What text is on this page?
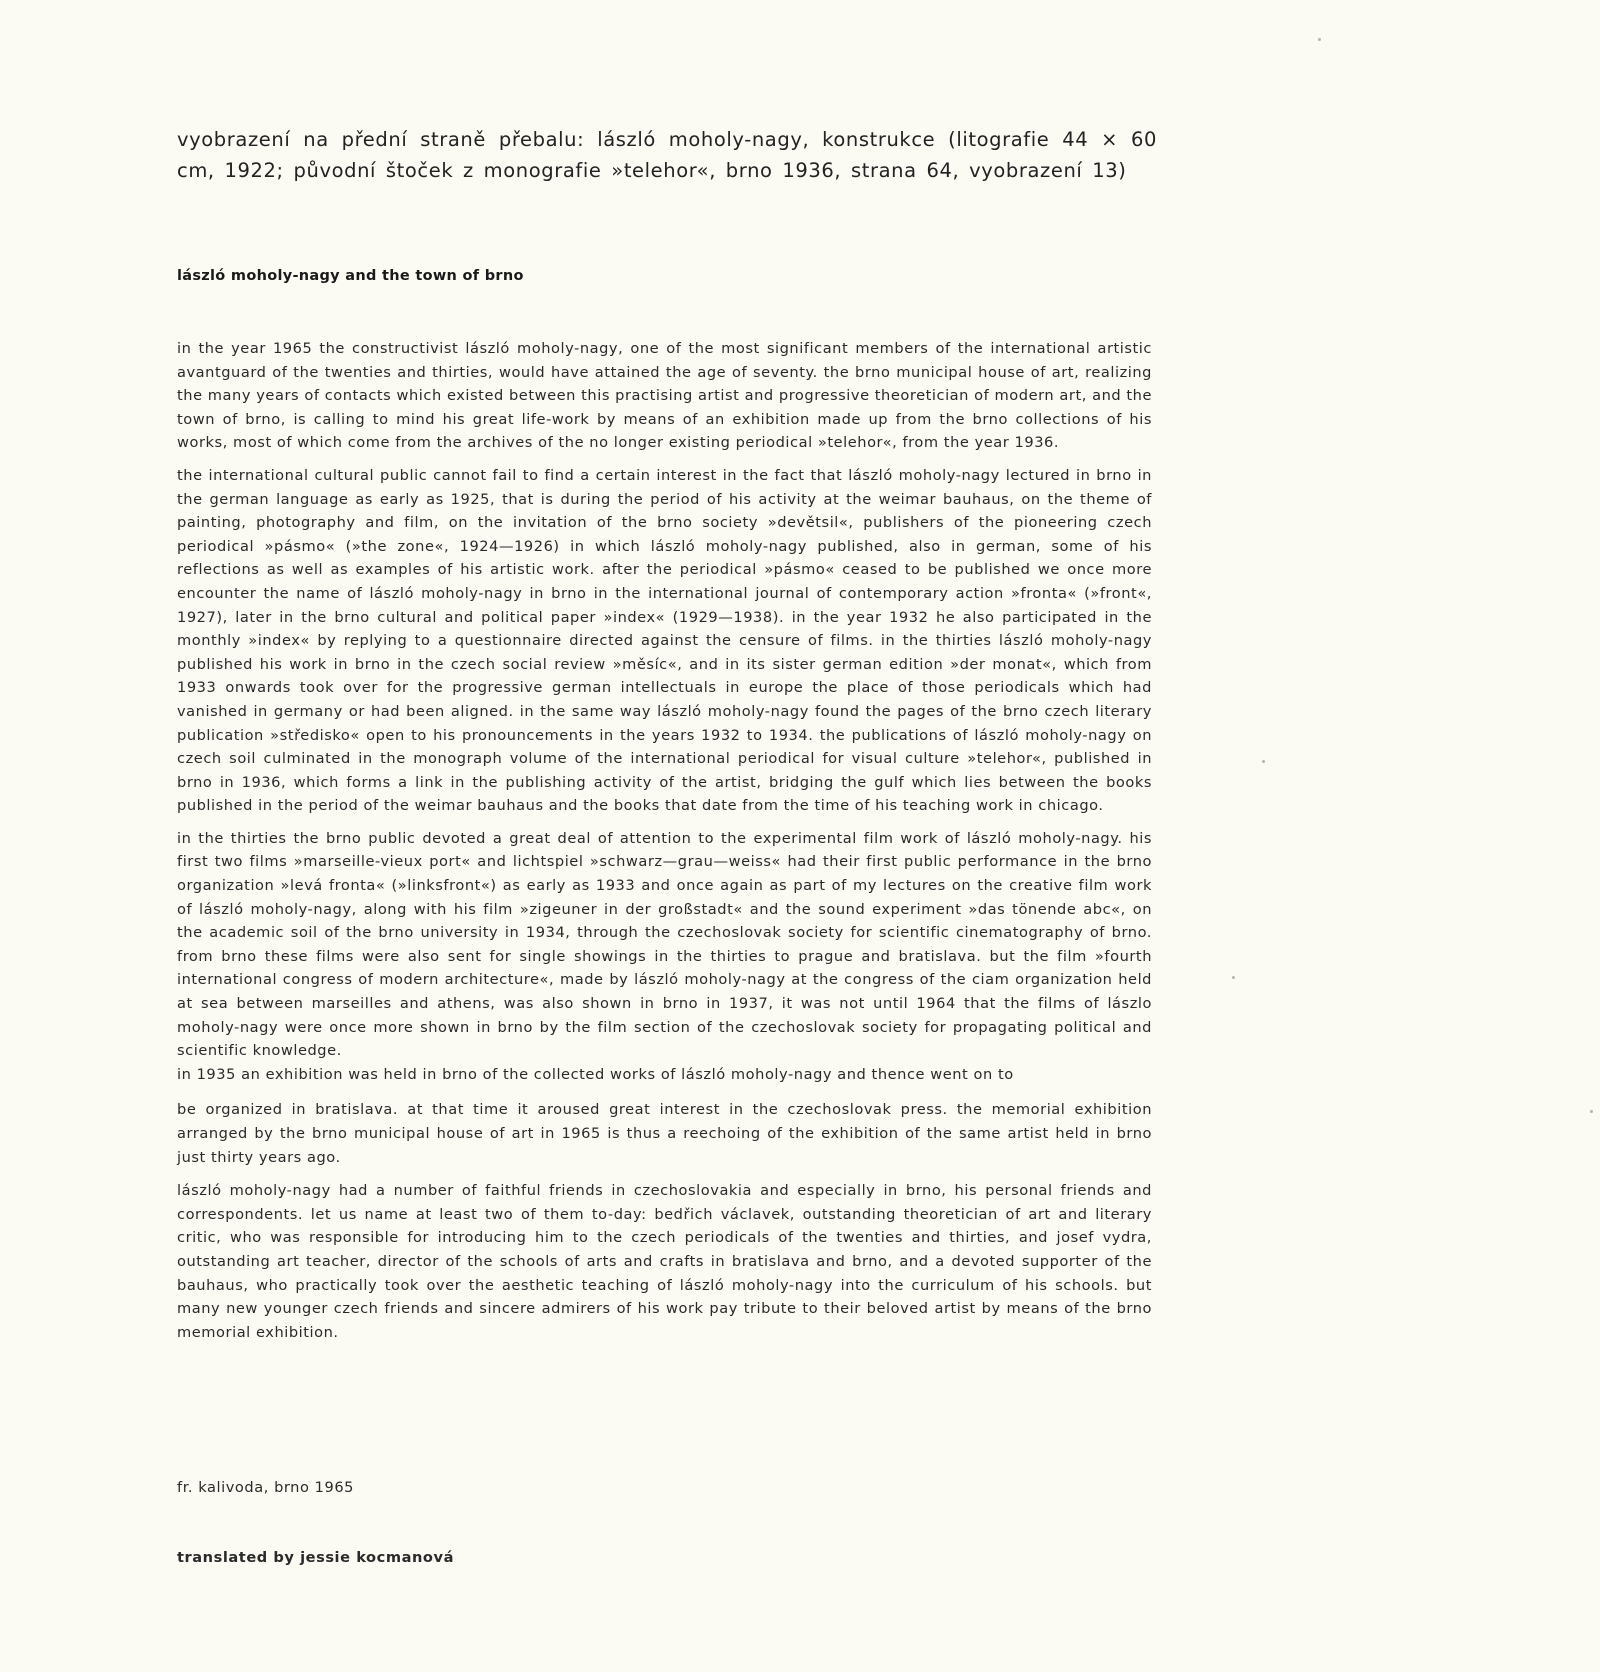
vyobrazení na přední straně přebalu: lászló moholy-nagy, konstrukce (litografie 44 × 60 cm, 1922; původní štoček z monografie »telehor«, brno 1936, strana 64, vyobrazení 13)
lászló moholy-nagy and the town of brno

in the year 1965 the constructivist lászló moholy-nagy, one of the most significant members of the international artistic avantguard of the twenties and thirties, would have attained the age of seventy. the brno municipal house of art, realizing the many years of contacts which existed between this practising artist and progressive theoretician of modern art, and the town of brno, is calling to mind his great life-work by means of an exhibition made up from the brno collections of his works, most of which come from the archives of the no longer existing periodical »telehor«, from the year 1936.

the international cultural public cannot fail to find a certain interest in the fact that lászló moholy-nagy lectured in brno in the german language as early as 1925, that is during the period of his activity at the weimar bauhaus, on the theme of painting, photography and film, on the invitation of the brno society »devětsil«, publishers of the pioneering czech periodical »pásmo« (»the zone«, 1924—1926) in which lászló moholy-nagy published, also in german, some of his reflections as well as examples of his artistic work. after the periodical »pásmo« ceased to be published we once more encounter the name of lászló moholy-nagy in brno in the international journal of contemporary action »fronta« (»front«, 1927), later in the brno cultural and political paper »index« (1929—1938). in the year 1932 he also participated in the monthly »index« by replying to a questionnaire directed against the censure of films. in the thirties lászló moholy-nagy published his work in brno in the czech social review »měsíc«, and in its sister german edition »der monat«, which from 1933 onwards took over for the progressive german intellectuals in europe the place of those periodicals which had vanished in germany or had been aligned. in the same way lászló moholy-nagy found the pages of the brno czech literary publication »středisko« open to his pronouncements in the years 1932 to 1934. the publications of lászló moholy-nagy on czech soil culminated in the monograph volume of the international periodical for visual culture »telehor«, published in brno in 1936, which forms a link in the publishing activity of the artist, bridging the gulf which lies between the books published in the period of the weimar bauhaus and the books that date from the time of his teaching work in chicago.

in the thirties the brno public devoted a great deal of attention to the experimental film work of lászló moholy-nagy. his first two films »marseille-vieux port« and lichtspiel »schwarz—grau—weiss« had their first public performance in the brno organization »levá fronta« (»linksfront«) as early as 1933 and once again as part of my lectures on the creative film work of lászló moholy-nagy, along with his film »zigeuner in der großstadt« and the sound experiment »das tönende abc«, on the academic soil of the brno university in 1934, through the czechoslovak society for scientific cinematography of brno. from brno these films were also sent for single showings in the thirties to prague and bratislava. but the film »fourth international congress of modern architecture«, made by lászló moholy-nagy at the congress of the ciam organization held at sea between marseilles and athens, was also shown in brno in 1937, it was not until 1964 that the films of lászlo moholy-nagy were once more shown in brno by the film section of the czechoslovak society for propagating political and scientific knowledge.

in 1935 an exhibition was held in brno of the collected works of lászló moholy-nagy and thence went on to

be organized in bratislava. at that time it aroused great interest in the czechoslovak press. the memorial exhibition arranged by the brno municipal house of art in 1965 is thus a reechoing of the exhibition of the same artist held in brno just thirty years ago.

lászló moholy-nagy had a number of faithful friends in czechoslovakia and especially in brno, his personal friends and correspondents. let us name at least two of them to-day: bedřich václavek, outstanding theoretician of art and literary critic, who was responsible for introducing him to the czech periodicals of the twenties and thirties, and josef vydra, outstanding art teacher, director of the schools of arts and crafts in bratislava and brno, and a devoted supporter of the bauhaus, who practically took over the aesthetic teaching of lászló moholy-nagy into the curriculum of his schools. but many new younger czech friends and sincere admirers of his work pay tribute to their beloved artist by means of the brno memorial exhibition.

fr. kalivoda, brno 1965
translated by jessie kocmanová
